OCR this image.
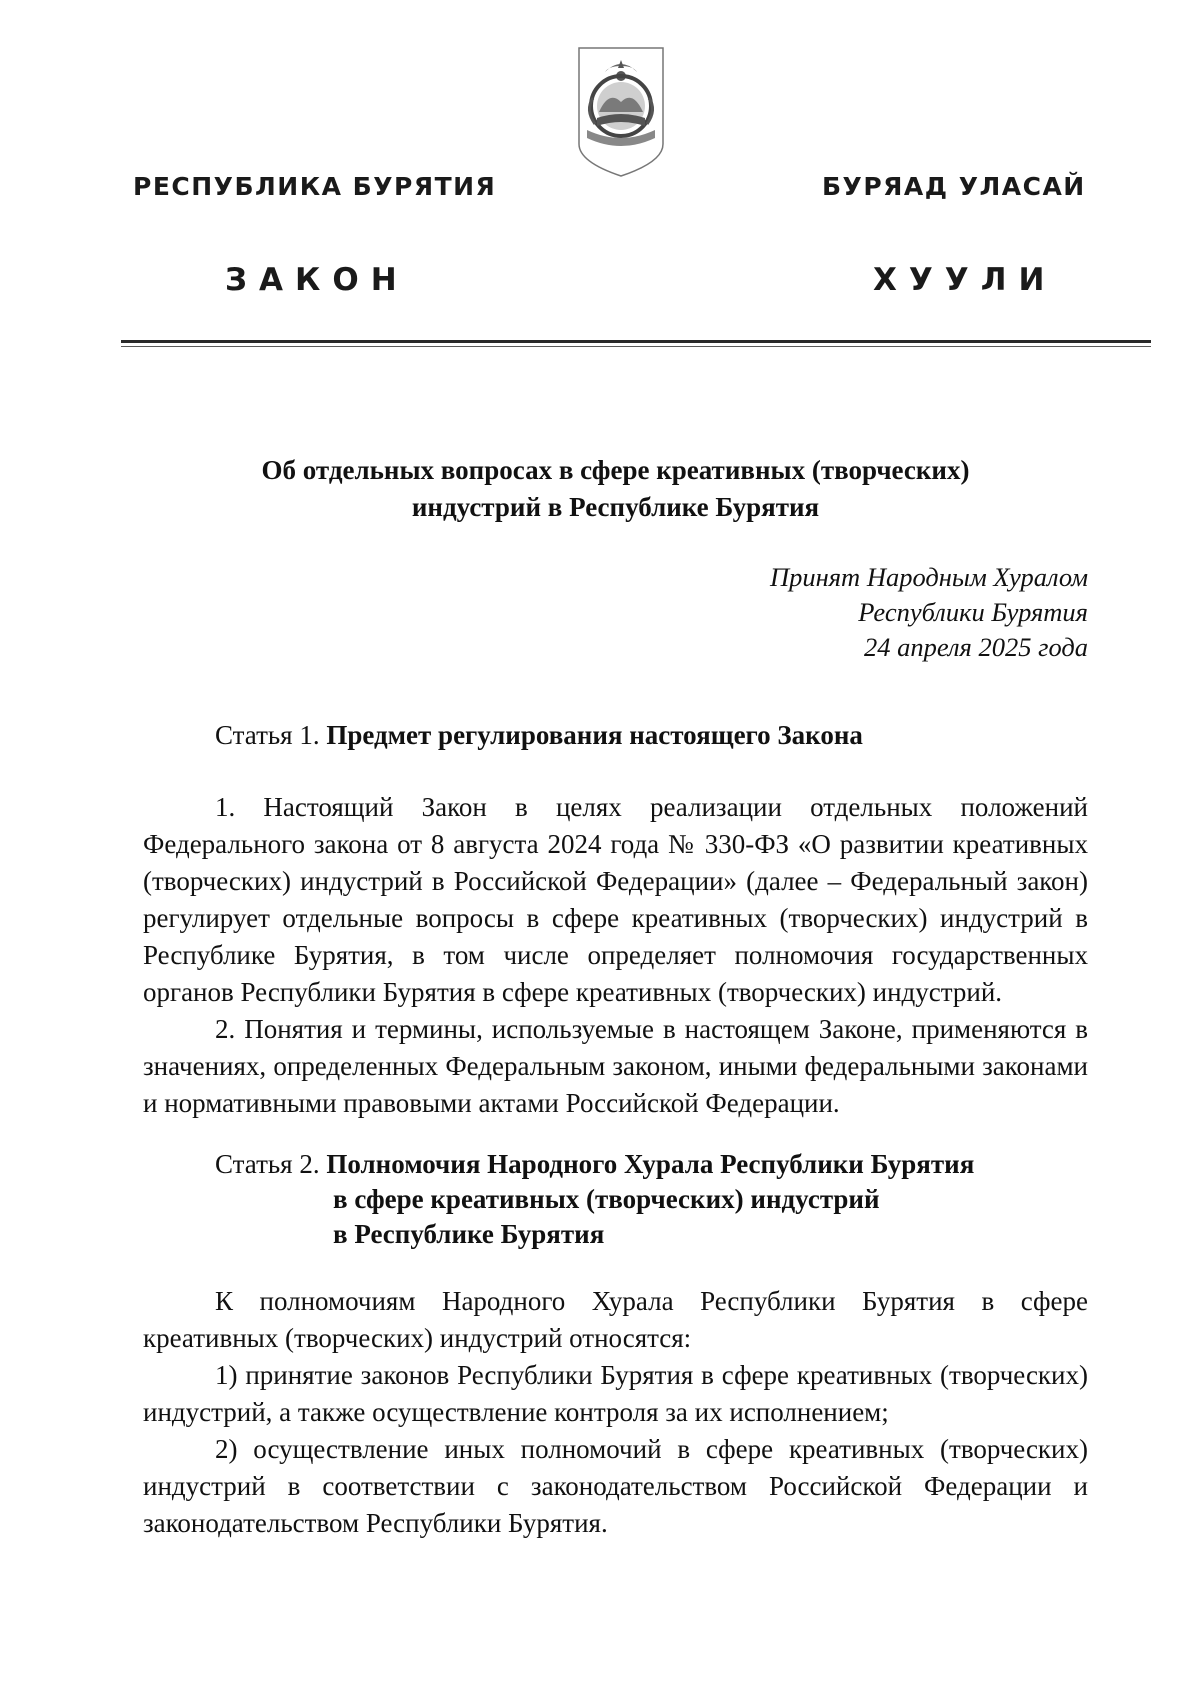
РЕСПУБЛИКА БУРЯТИЯ	БУРЯАД УЛАСАЙ
ЗАКОН	ХУУЛИ
Об отдельных вопросах в сфере креативных (творческих)
индустрий в Республике Бурятия
Принят Народным Хуралом
Республики Бурятия
24 апреля 2025 года
Статья 1. Предмет регулирования настоящего Закона

1. Настоящий Закон в целях реализации отдельных положений Федерального закона от 8 августа 2024 года № 330-ФЗ «О развитии креативных (творческих) индустрий в Российской Федерации» (далее – Федеральный закон) регулирует отдельные вопросы в сфере креативных (творческих) индустрий в Республике Бурятия, в том числе определяет полномочия государственных органов Республики Бурятия в сфере креативных (творческих) индустрий.

2. Понятия и термины, используемые в настоящем Законе, применяются в значениях, определенных Федеральным законом, иными федеральными законами и нормативными правовыми актами Российской Федерации.

Статья 2. Полномочия Народного Хурала Республики Бурятия
в сфере креативных (творческих) индустрий
в Республике Бурятия

К полномочиям Народного Хурала Республики Бурятия в сфере креативных (творческих) индустрий относятся:

1) принятие законов Республики Бурятия в сфере креативных (творческих) индустрий, а также осуществление контроля за их исполнением;

2) осуществление иных полномочий в сфере креативных (творческих) индустрий в соответствии с законодательством Российской Федерации и законодательством Республики Бурятия.
